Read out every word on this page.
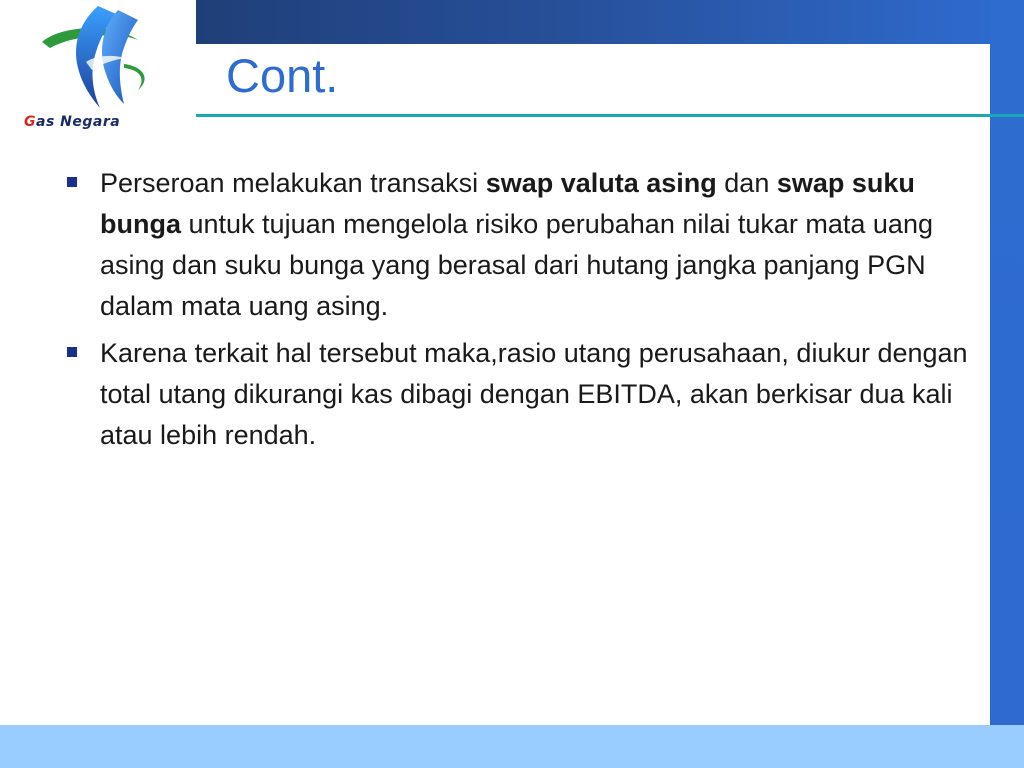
Gas Negara
Cont.
Perseroan melakukan transaksi swap valuta asing dan swap suku bunga untuk tujuan mengelola risiko perubahan nilai tukar mata uang asing dan suku bunga yang berasal dari hutang jangka panjang PGN dalam mata uang asing.
Karena terkait hal tersebut maka,rasio utang perusahaan, diukur dengan total utang dikurangi kas dibagi dengan EBITDA, akan berkisar dua kali atau lebih rendah.
